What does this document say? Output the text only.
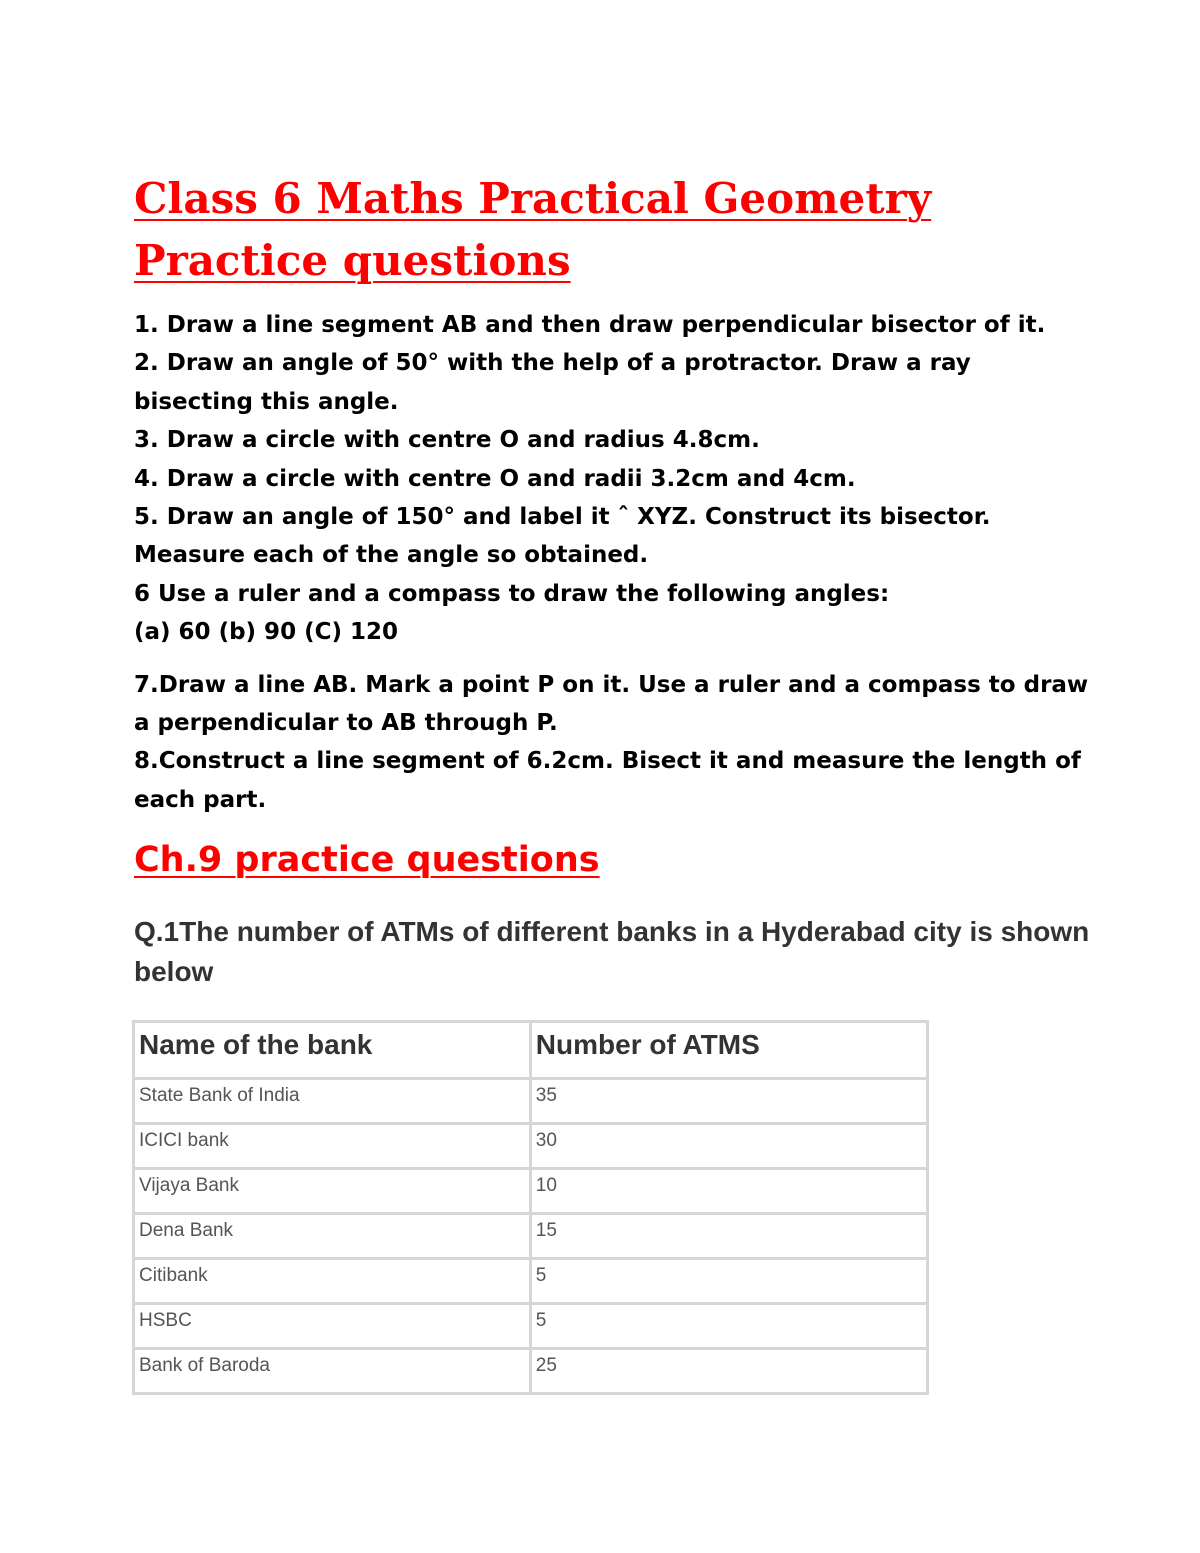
Class 6 Maths Practical Geometry Practice questions
1. Draw a line segment AB and then draw perpendicular bisector of it.
2. Draw an angle of 50° with the help of a protractor. Draw a ray bisecting this angle.
3. Draw a circle with centre O and radius 4.8cm.
4. Draw a circle with centre O and radii 3.2cm and 4cm.
5. Draw an angle of 150° and label it ˆ XYZ. Construct its bisector. Measure each of the angle so obtained.
6 Use a ruler and a compass to draw the following angles:
(a) 60 (b) 90 (C) 120
7.Draw a line AB. Mark a point P on it. Use a ruler and a compass to draw a perpendicular to AB through P.
8.Construct a line segment of 6.2cm. Bisect it and measure the length of each part.
Ch.9 practice questions

Q.1The number of ATMs of different banks in a Hyderabad city is shown below

Name of the bank	Number of ATMS
State Bank of India	35
ICICI bank	30
Vijaya Bank	10
Dena Bank	15
Citibank	5
HSBC	5
Bank of Baroda	25
